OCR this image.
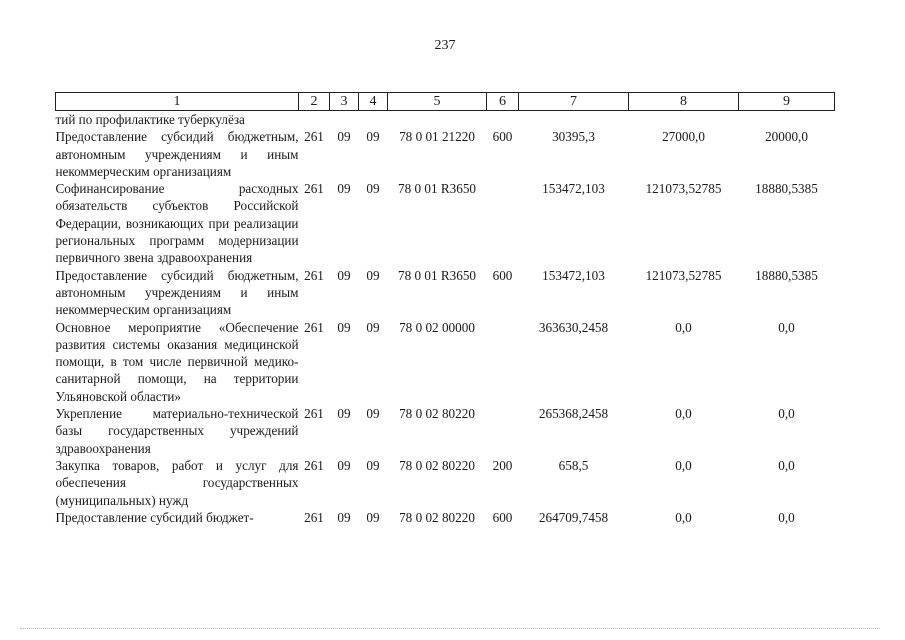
237
1	2	3	4	5	6	7	8	9
тий по профилактике туберкулёза								
Предоставление субсидий бюджетным, автономным учреждениям и иным некоммерческим организациям	261	09	09	78 0 01 21220	600	30395,3	27000,0	20000,0
Софинансирование расходных обязательств субъектов Российской Федерации, возникающих при реализации региональных программ модернизации первичного звена здравоохранения	261	09	09	78 0 01 R3650		153472,103	121073,52785	18880,5385
Предоставление субсидий бюджетным, автономным учреждениям и иным некоммерческим организациям	261	09	09	78 0 01 R3650	600	153472,103	121073,52785	18880,5385
Основное мероприятие «Обеспечение развития системы оказания медицинской помощи, в том числе первичной медико-санитарной помощи, на территории Ульяновской области»	261	09	09	78 0 02 00000		363630,2458	0,0	0,0
Укрепление материально-технической базы государственных учреждений здравоохранения	261	09	09	78 0 02 80220		265368,2458	0,0	0,0
Закупка товаров, работ и услуг для обеспечения государственных (муниципальных) нужд	261	09	09	78 0 02 80220	200	658,5	0,0	0,0
Предоставление субсидий бюджет-	261	09	09	78 0 02 80220	600	264709,7458	0,0	0,0
